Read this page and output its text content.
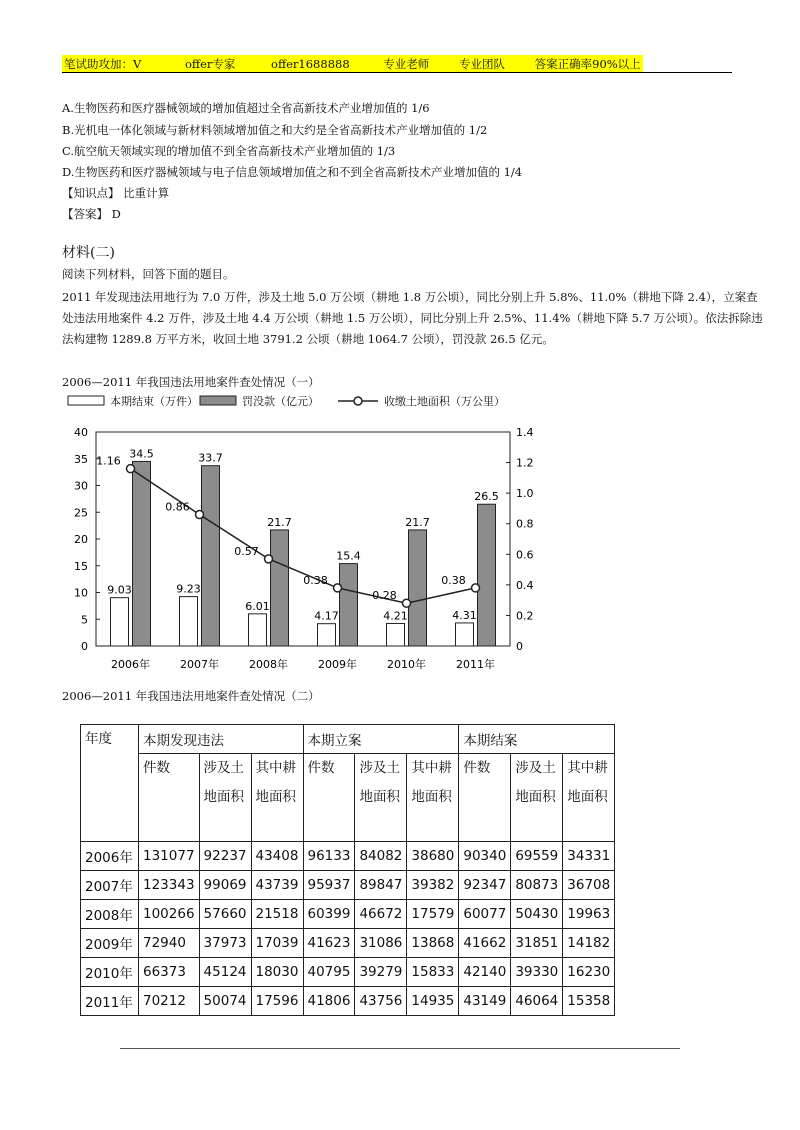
笔试助攻加：V	offer专家	offer1688888	专业老师	专业团队	答案正确率90%以上
A.生物医药和医疗器械领域的增加值超过全省高新技术产业增加值的 1/6
B.光机电一体化领域与新材料领域增加值之和大约是全省高新技术产业增加值的 1/2
C.航空航天领域实现的增加值不到全省高新技术产业增加值的 1/3
D.生物医药和医疗器械领域与电子信息领域增加值之和不到全省高新技术产业增加值的 1/4
【知识点】 比重计算
【答案】 D
材料(二)
阅读下列材料，回答下面的题目。
2011 年发现违法用地行为 7.0 万件，涉及土地 5.0 万公顷（耕地 1.8 万公顷），同比分别上升 5.8%、11.0%（耕地下降 2.4），立案查处违法用地案件 4.2 万件，涉及土地 4.4 万公顷（耕地 1.5 万公顷），同比分别上升 2.5%、11.4%（耕地下降 5.7 万公顷）。依法拆除违法构建物 1289.8 万平方米，收回土地 3791.2 公顷（耕地 1064.7 公顷），罚没款 26.5 亿元。
2006—2011 年我国违法用地案件查处情况（一）
本期结束（万件）	罚没款（亿元）	收缴土地面积（万公里）
0
5
10
15
20
25
30
35
40
0
0.2
0.4
0.6
0.8
1.0
1.2
1.4
2006年
9.03
34.5
2007年
9.23
33.7
2008年
6.01
21.7
2009年
4.17
15.4
2010年
4.21
21.7
2011年
4.31
26.5
1.16
0.86
0.57
0.38
0.28
0.38
2006—2011 年我国违法用地案件查处情况（二）
年度	本期发现违法			本期立案			本期结案		
	件数	涉及土地面积	其中耕地面积	件数	涉及土地面积	其中耕地面积	件数	涉及土地面积	其中耕地面积
2006年	131077	92237	43408	96133	84082	38680	90340	69559	34331
2007年	123343	99069	43739	95937	89847	39382	92347	80873	36708
2008年	100266	57660	21518	60399	46672	17579	60077	50430	19963
2009年	72940	37973	17039	41623	31086	13868	41662	31851	14182
2010年	66373	45124	18030	40795	39279	15833	42140	39330	16230
2011年	70212	50074	17596	41806	43756	14935	43149	46064	15358
